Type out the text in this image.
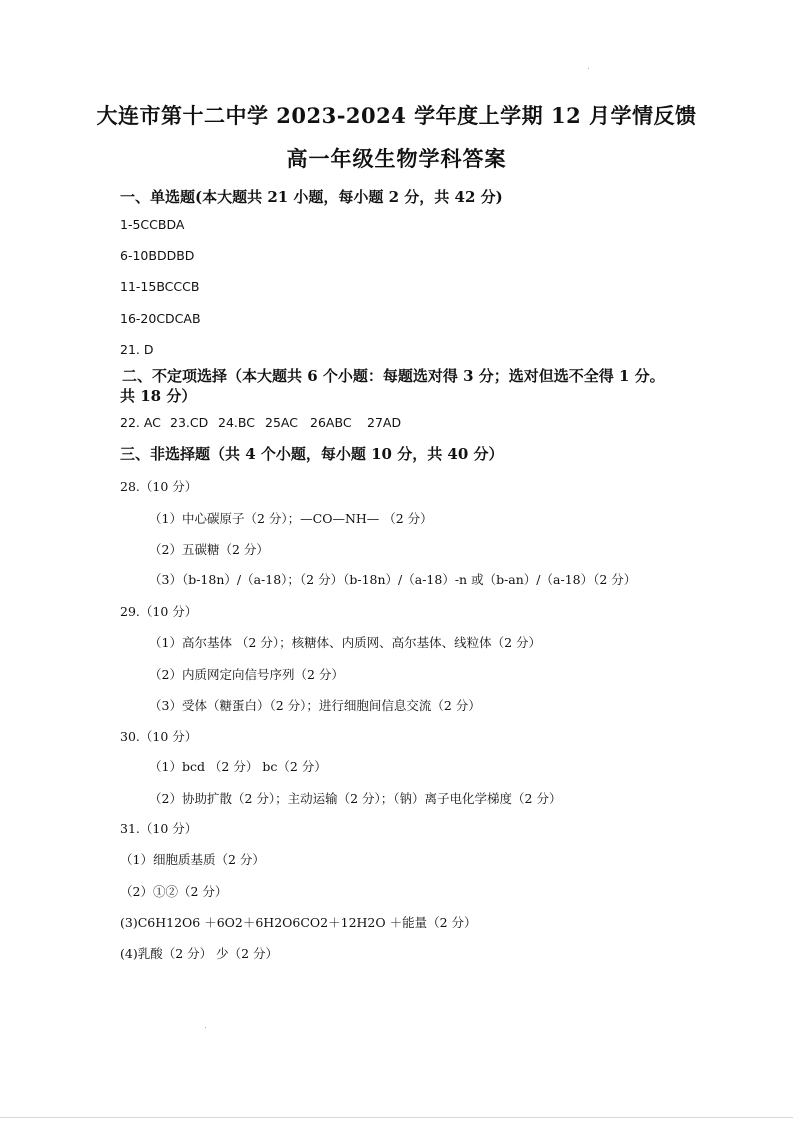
大连市第十二中学 2023-2024 学年度上学期 12 月学情反馈
高一年级生物学科答案
一、单选题(本大题共 21 小题，每小题 2 分，共 42 分)
1-5CCBDA
6-10BDDBD
11-15BCCCB
16-20CDCAB
21. D
二、不定项选择（本大题共 6 个小题：每题选对得 3 分；选对但选不全得 1 分。
共 18 分）
22. AC 23.CD 24.BC 25AC 26ABC 27AD
三、非选择题（共 4 个小题，每小题 10 分，共 40 分）
28.（10 分）
（1）中心碳原子（2 分）；—CO—NH— （2 分）
（2）五碳糖（2 分）
（3）（b-18n）/（a-18）；（2 分）（b-18n）/（a-18）-n 或（b-an）/（a-18）（2 分）
29.（10 分）
（1）高尔基体 （2 分）；核糖体、内质网、高尔基体、线粒体（2 分）
（2）内质网定向信号序列（2 分）
（3）受体（糖蛋白）（2 分）；进行细胞间信息交流（2 分）
30.（10 分）
（1）bcd （2 分） bc（2 分）
（2）协助扩散（2 分）；主动运输（2 分）；（钠）离子电化学梯度（2 分）
31.（10 分）
（1）细胞质基质（2 分）
（2）①②（2 分）
(3)C6H12O6 ＋6O2＋6H2O6CO2＋12H2O ＋能量（2 分）
(4)乳酸（2 分） 少（2 分）
